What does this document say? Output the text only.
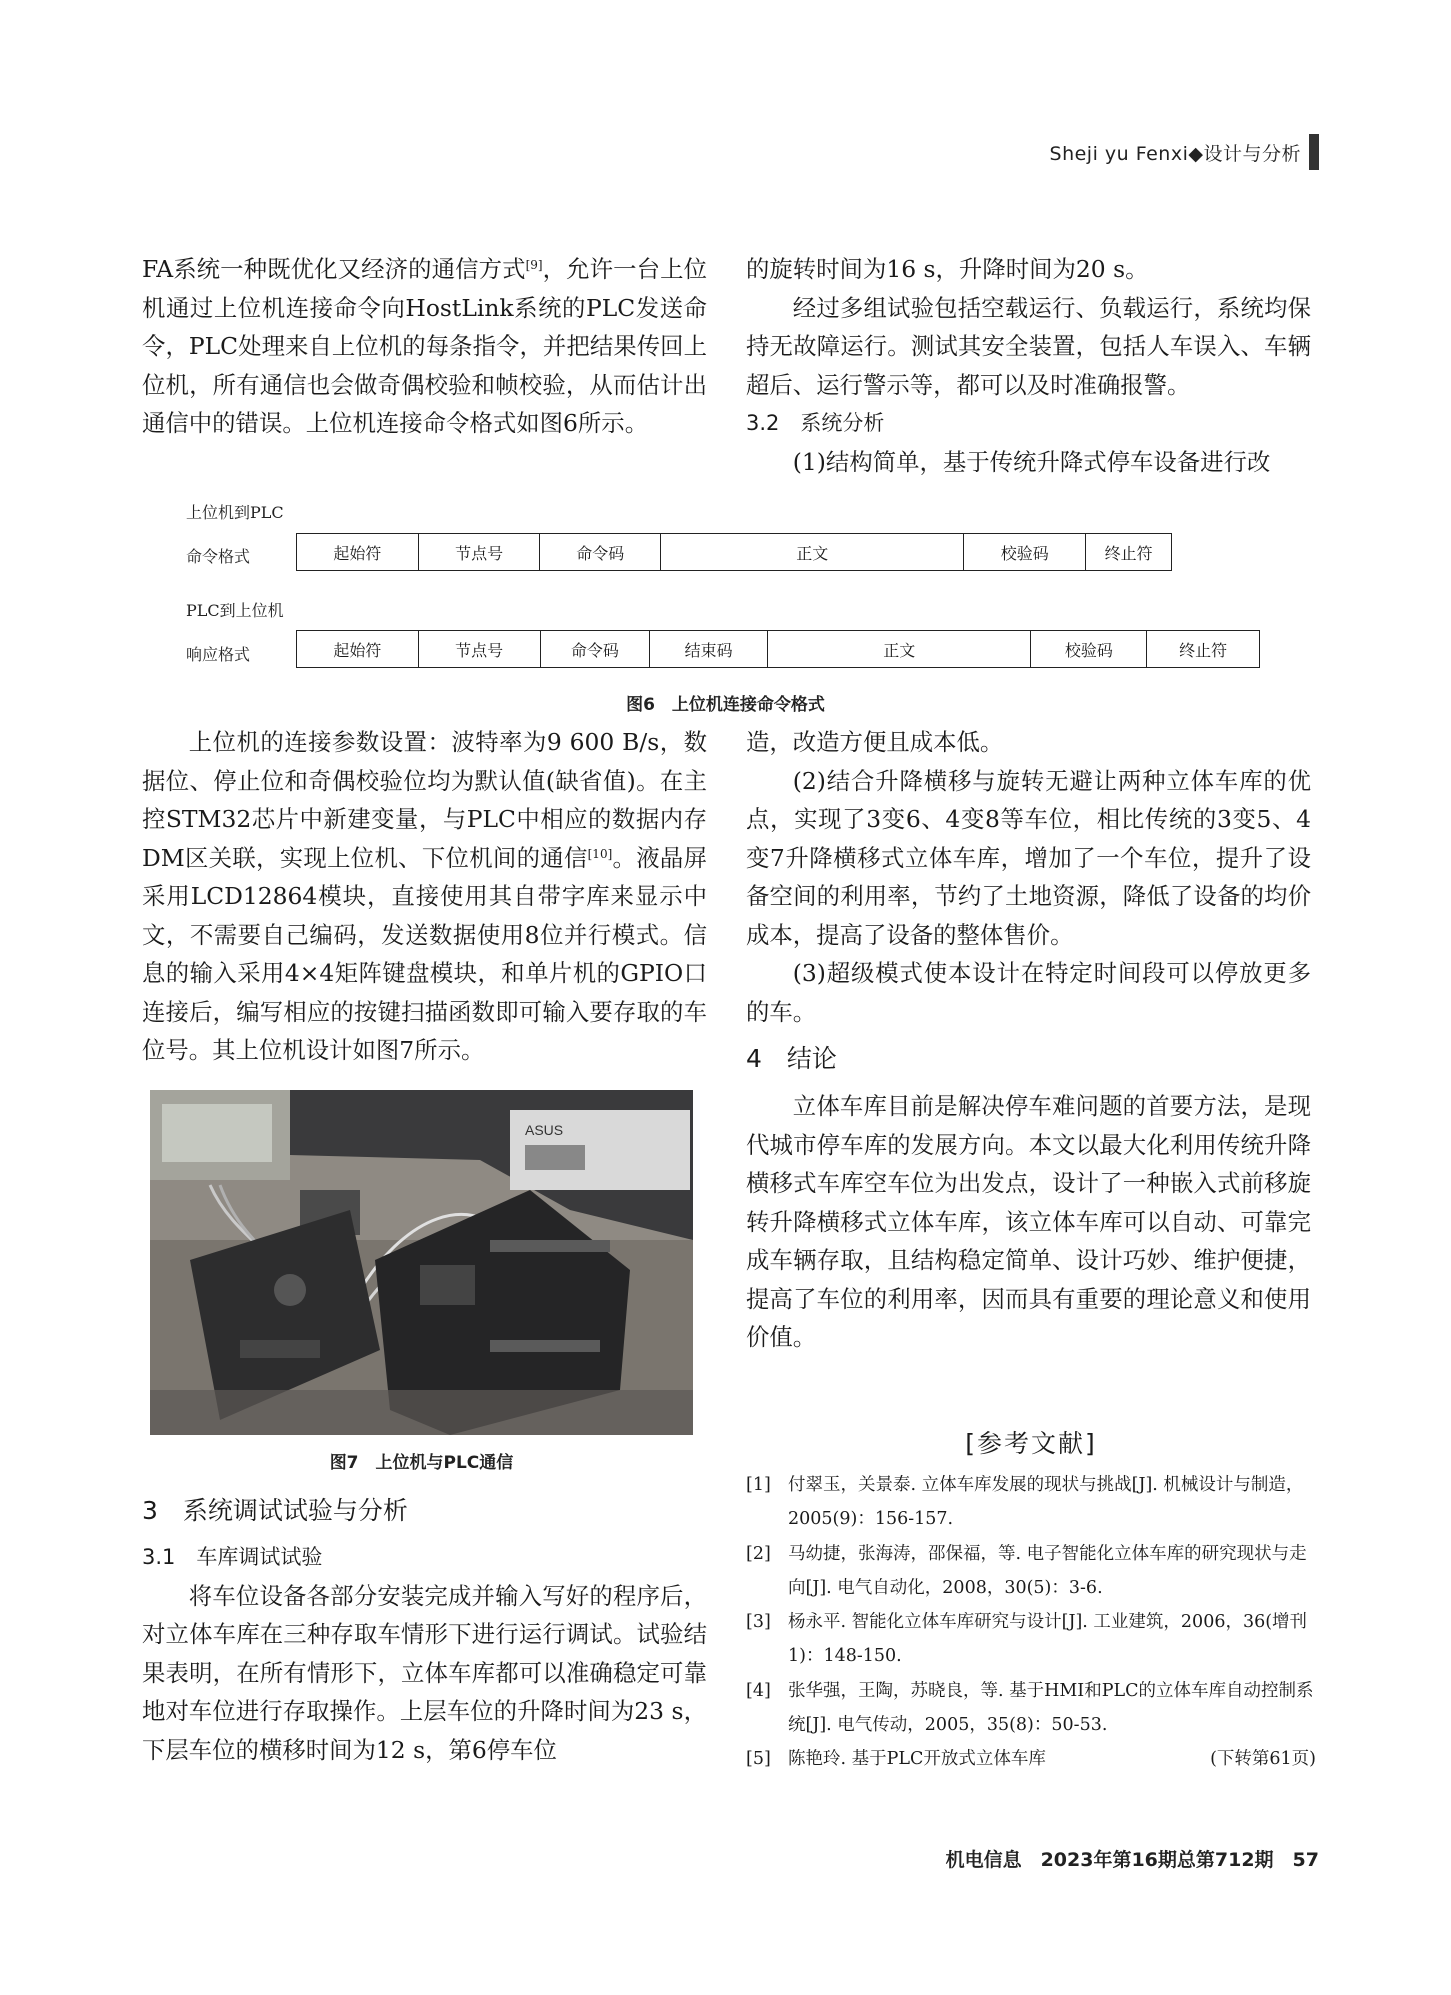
Sheji yu Fenxi◆设计与分析

FA系统一种既优化又经济的通信方式[9]，允许一台上位机通过上位机连接命令向HostLink系统的PLC发送命令，PLC处理来自上位机的每条指令，并把结果传回上位机，所有通信也会做奇偶校验和帧校验，从而估计出通信中的错误。上位机连接命令格式如图6所示。

的旋转时间为16 s，升降时间为20 s。

经过多组试验包括空载运行、负载运行，系统均保持无故障运行。测试其安全装置，包括人车误入、车辆超后、运行警示等，都可以及时准确报警。

3.2　系统分析

(1)结构简单，基于传统升降式停车设备进行改

上位机到PLC
命令格式	起始符	节点号	命令码	正文	校验码	终止符
PLC到上位机
响应格式	起始符	节点号	命令码	结束码	正文	校验码	终止符
图6　上位机连接命令格式

上位机的连接参数设置：波特率为9 600 B/s，数据位、停止位和奇偶校验位均为默认值(缺省值)。在主控STM32芯片中新建变量，与PLC中相应的数据内存DM区关联，实现上位机、下位机间的通信[10]。液晶屏采用LCD12864模块，直接使用其自带字库来显示中文，不需要自己编码，发送数据使用8位并行模式。信息的输入采用4×4矩阵键盘模块，和单片机的GPIO口连接后，编写相应的按键扫描函数即可输入要存取的车位号。其上位机设计如图7所示。

ASUS
图7　上位机与PLC通信

3　系统调试试验与分析

3.1　车库调试试验

将车位设备各部分安装完成并输入写好的程序后，对立体车库在三种存取车情形下进行运行调试。试验结果表明，在所有情形下，立体车库都可以准确稳定可靠地对车位进行存取操作。上层车位的升降时间为23 s，下层车位的横移时间为12 s，第6停车位

造，改造方便且成本低。

(2)结合升降横移与旋转无避让两种立体车库的优点，实现了3变6、4变8等车位，相比传统的3变5、4变7升降横移式立体车库，增加了一个车位，提升了设备空间的利用率，节约了土地资源，降低了设备的均价成本，提高了设备的整体售价。

(3)超级模式使本设计在特定时间段可以停放更多的车。

4　结论

立体车库目前是解决停车难问题的首要方法，是现代城市停车库的发展方向。本文以最大化利用传统升降横移式车库空车位为出发点，设计了一种嵌入式前移旋转升降横移式立体车库，该立体车库可以自动、可靠完成车辆存取，且结构稳定简单、设计巧妙、维护便捷，提高了车位的利用率，因而具有重要的理论意义和使用价值。

[参考文献]
[1] 付翠玉，关景泰. 立体车库发展的现状与挑战[J]. 机械设计与制造，2005(9)：156-157.
[2] 马幼捷，张海涛，邵保福，等. 电子智能化立体车库的研究现状与走向[J]. 电气自动化，2008，30(5)：3-6.
[3] 杨永平. 智能化立体车库研究与设计[J]. 工业建筑，2006，36(增刊1)：148-150.
[4] 张华强，王陶，苏晓良，等. 基于HMI和PLC的立体车库自动控制系统[J]. 电气传动，2005，35(8)：50-53.
[5] 陈艳玲. 基于PLC开放式立体车库	(下转第61页)
机电信息　2023年第16期总第712期　57
